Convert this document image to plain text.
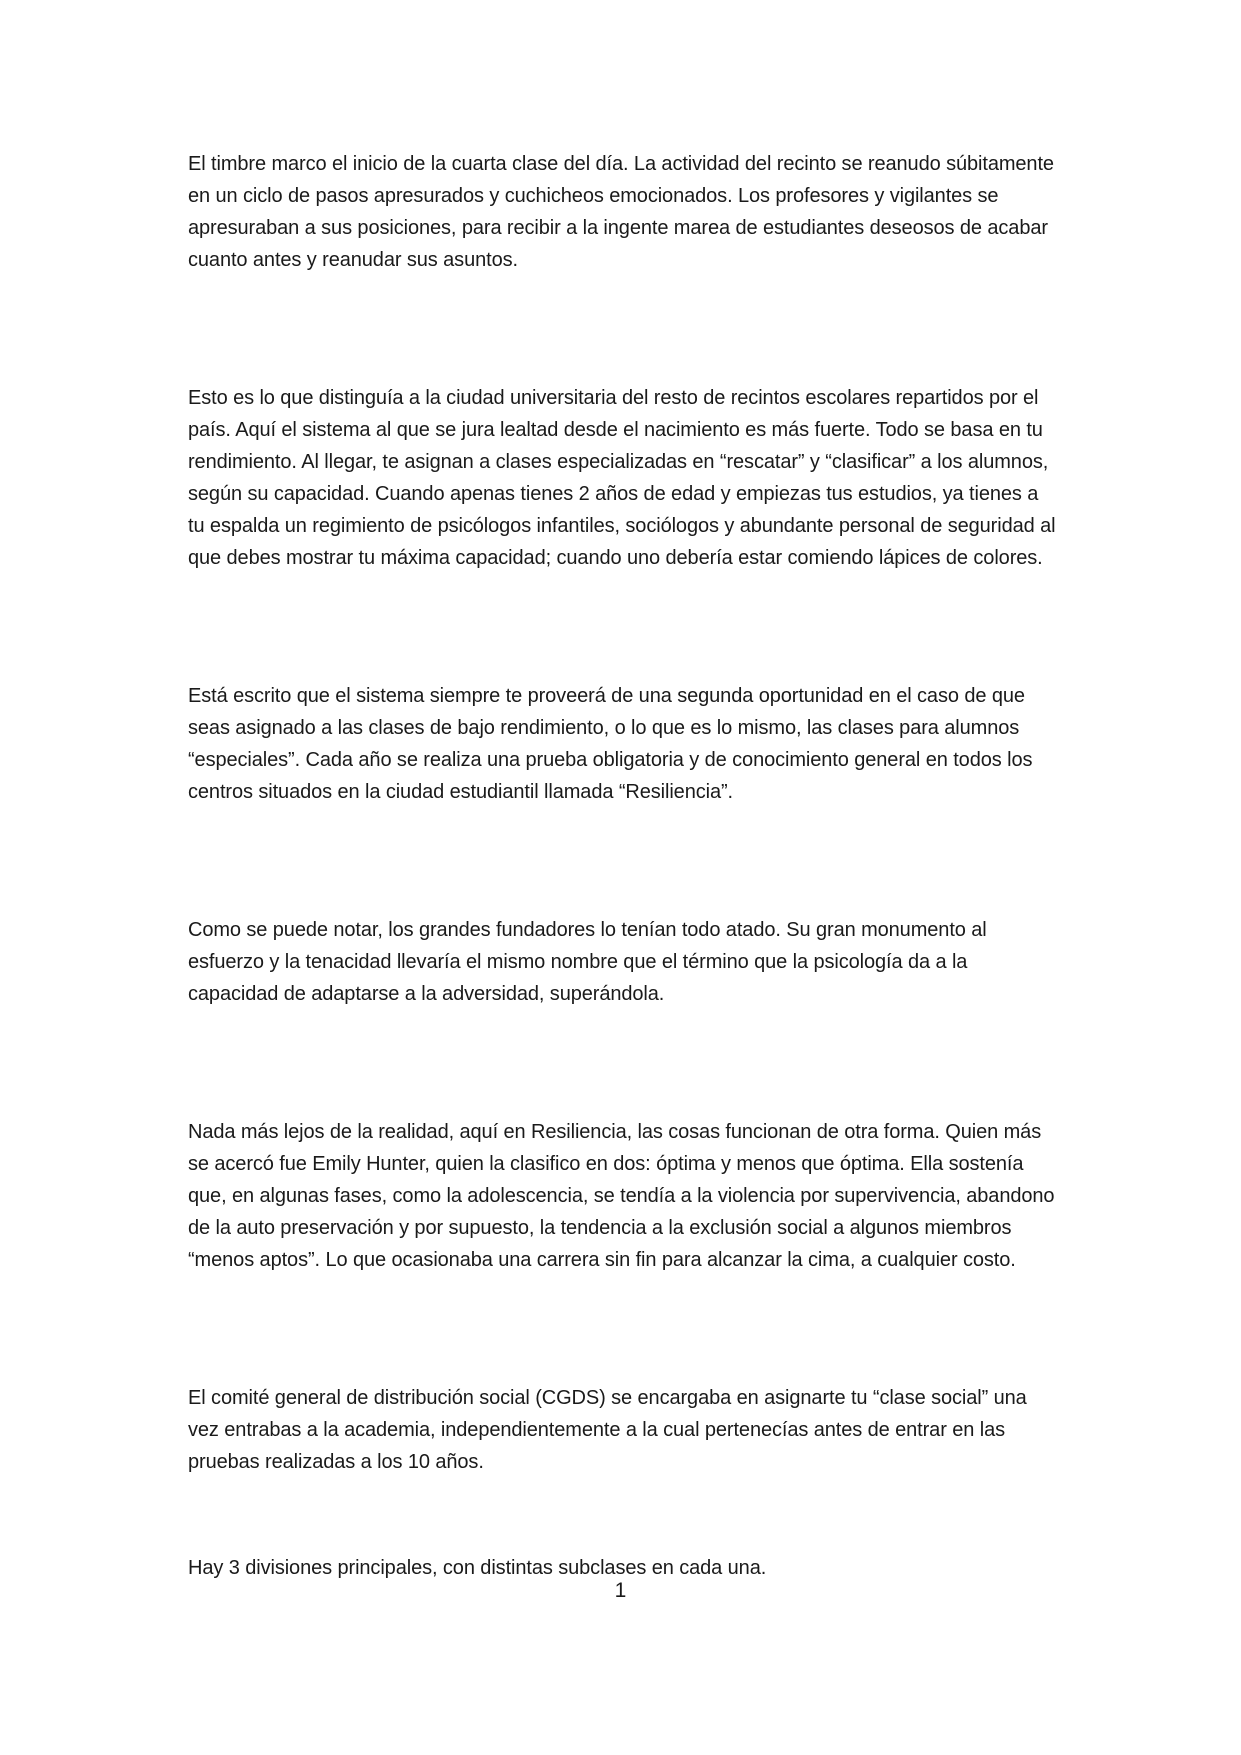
El timbre marco el inicio de la cuarta clase del día. La actividad del recinto se reanudo súbitamente en un ciclo de pasos apresurados y cuchicheos emocionados. Los profesores y vigilantes se apresuraban a sus posiciones, para recibir a la ingente marea de estudiantes deseosos de acabar cuanto antes y reanudar sus asuntos.

Esto es lo que distinguía a la ciudad universitaria del resto de recintos escolares repartidos por el país. Aquí el sistema al que se jura lealtad desde el nacimiento es más fuerte. Todo se basa en tu rendimiento. Al llegar, te asignan a clases especializadas en “rescatar” y “clasificar” a los alumnos, según su capacidad. Cuando apenas tienes 2 años de edad y empiezas tus estudios, ya tienes a tu espalda un regimiento de psicólogos infantiles, sociólogos y abundante personal de seguridad al que debes mostrar tu máxima capacidad; cuando uno debería estar comiendo lápices de colores.

Está escrito que el sistema siempre te proveerá de una segunda oportunidad en el caso de que seas asignado a las clases de bajo rendimiento, o lo que es lo mismo, las clases para alumnos “especiales”. Cada año se realiza una prueba obligatoria y de conocimiento general en todos los centros situados en la ciudad estudiantil llamada “Resiliencia”.

Como se puede notar, los grandes fundadores lo tenían todo atado. Su gran monumento al esfuerzo y la tenacidad llevaría el mismo nombre que el término que la psicología da a la capacidad de adaptarse a la adversidad, superándola.

Nada más lejos de la realidad, aquí en Resiliencia, las cosas funcionan de otra forma. Quien más se acercó fue Emily Hunter, quien la clasifico en dos: óptima y menos que óptima. Ella sostenía que, en algunas fases, como la adolescencia, se tendía a la violencia por supervivencia, abandono de la auto preservación y por supuesto, la tendencia a la exclusión social a algunos miembros “menos aptos”. Lo que ocasionaba una carrera sin fin para alcanzar la cima, a cualquier costo.

El comité general de distribución social (CGDS) se encargaba en asignarte tu “clase social” una vez entrabas a la academia, independientemente a la cual pertenecías antes de entrar en las pruebas realizadas a los 10 años.

Hay 3 divisiones principales, con distintas subclases en cada una.

1
